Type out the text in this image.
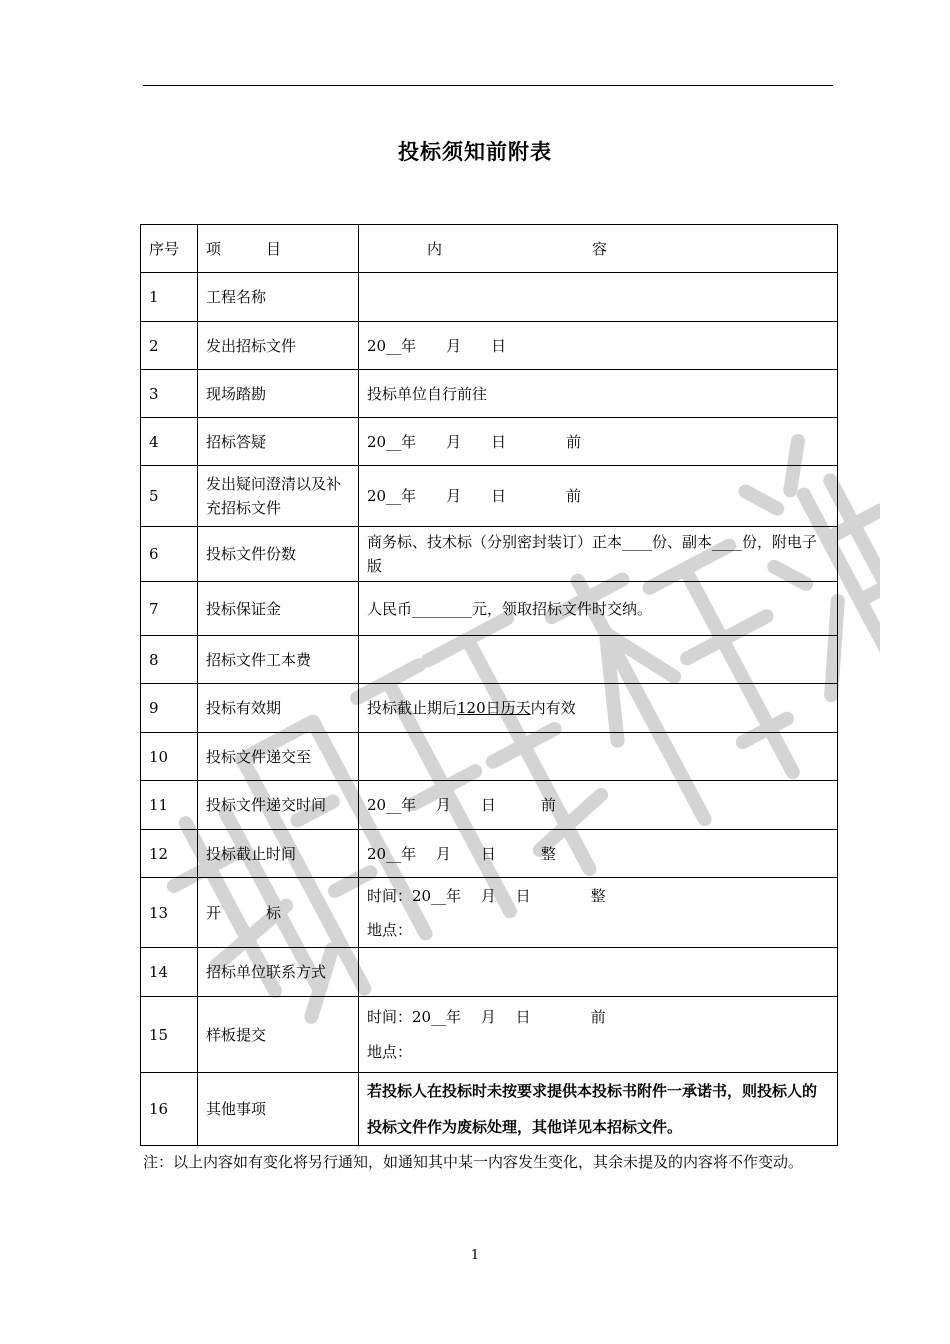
投标须知前附表
序号	项　　　目	内　　　　　　　　　　容
1	工程名称	
2	发出招标文件	20__年　　月　　日
3	现场踏勘	投标单位自行前往
4	招标答疑	20__年　　月　　日　　　　前
5	发出疑问澄清以及补充招标文件	20__年　　月　　日　　　　前
6	投标文件份数	商务标、技术标（分别密封装订）正本____份、副本____份，附电子版
7	投标保证金	人民币________元，领取招标文件时交纳。
8	招标文件工本费	
9	投标有效期	投标截止期后120日历天内有效
10	投标文件递交至	
11	投标文件递交时间	20__年　 月　　日　　　前
12	投标截止时间	20__年　 月　　日　　　整
13	开　　　标	时间：20__年　 月　 日　　　　整
地点：

14	招标单位联系方式	
15	样板提交	时间：20__年　 月　 日　　　　前
地点：

16	其他事项	若投标人在投标时未按要求提供本投标书附件一承诺书，则投标人的投标文件作为废标处理，其他详见本招标文件。
注：以上内容如有变化将另行通知，如通知其中某一内容发生变化，其余未提及的内容将不作变动。
1
